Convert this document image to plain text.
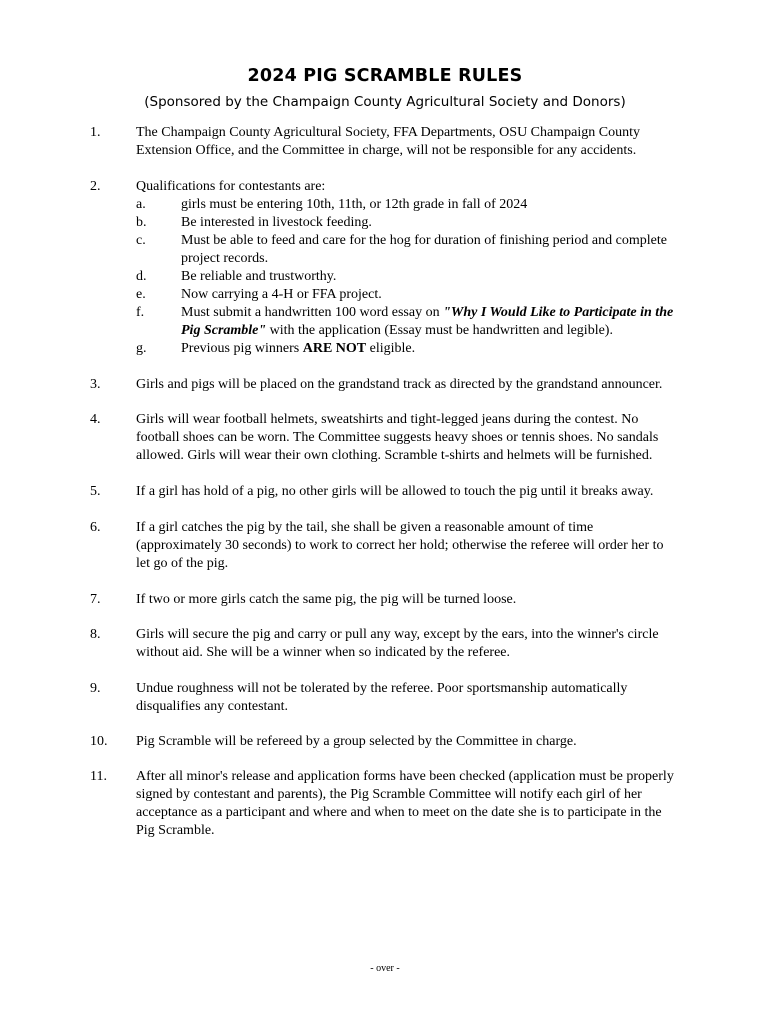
2024 PIG SCRAMBLE RULES
(Sponsored by the Champaign County Agricultural Society and Donors)
1.	The Champaign County Agricultural Society, FFA Departments, OSU Champaign County Extension Office, and the Committee in charge, will not be responsible for any accidents.
2.	Qualifications for contestants are:
a.	girls must be entering 10th, 11th, or 12th grade in fall of 2024
b. Be interested in livestock feeding.
c.	Must be able to feed and care for the hog for duration of finishing period and complete project records.
d. Be reliable and trustworthy.
e.	Now carrying a 4-H or FFA project.
f.	Must submit a handwritten 100 word essay on "Why I Would Like to Participate in the Pig Scramble" with the application (Essay must be handwritten and legible).
g. Previous pig winners ARE NOT eligible.
3.	Girls and pigs will be placed on the grandstand track as directed by the grandstand announcer.
4.	Girls will wear football helmets, sweatshirts and tight-legged jeans during the contest. No football shoes can be worn. The Committee suggests heavy shoes or tennis shoes. No sandals allowed. Girls will wear their own clothing. Scramble t-shirts and helmets will be furnished.
5.	If a girl has hold of a pig, no other girls will be allowed to touch the pig until it breaks away.
6.	If a girl catches the pig by the tail, she shall be given a reasonable amount of time (approximately 30 seconds) to work to correct her hold; otherwise the referee will order her to let go of the pig.
7.	If two or more girls catch the same pig, the pig will be turned loose.
8.	Girls will secure the pig and carry or pull any way, except by the ears, into the winner's circle without aid. She will be a winner when so indicated by the referee.
9.	Undue roughness will not be tolerated by the referee. Poor sportsmanship automatically disqualifies any contestant.
10. Pig Scramble will be refereed by a group selected by the Committee in charge.
11. After all minor's release and application forms have been checked (application must be properly signed by contestant and parents), the Pig Scramble Committee will notify each girl of her acceptance as a participant and where and when to meet on the date she is to participate in the Pig Scramble.
- over -
